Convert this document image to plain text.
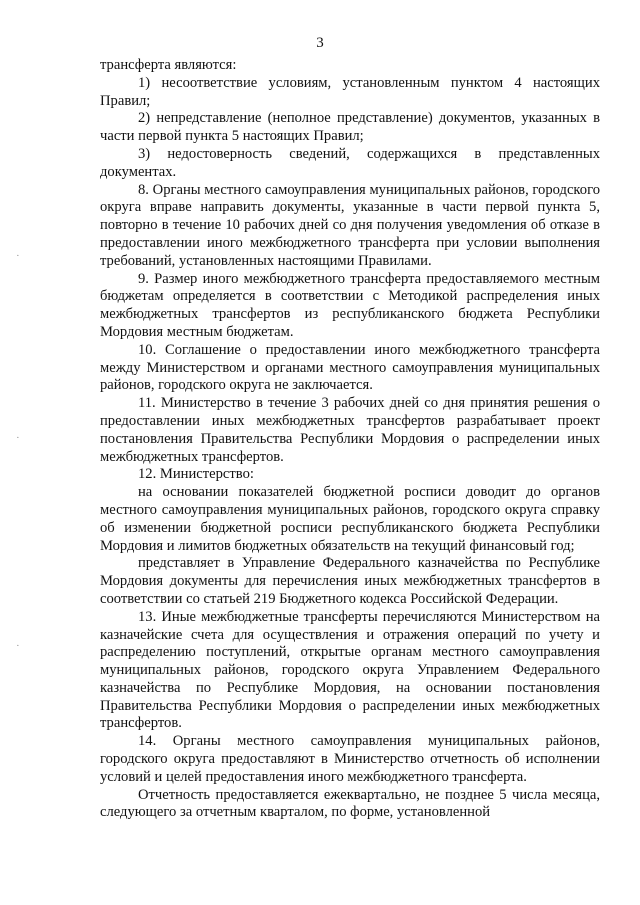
3
·
·
·

трансферта являются:

1) несоответствие условиям, установленным пунктом 4 настоящих Правил;

2) непредставление (неполное представление) документов, указанных в части первой пункта 5 настоящих Правил;

3) недостоверность сведений, содержащихся в представленных документах.

8. Органы местного самоуправления муниципальных районов, городского округа вправе направить документы, указанные в части первой пункта 5, повторно в течение 10 рабочих дней со дня получения уведомления об отказе в предоставлении иного межбюджетного трансферта при условии выполнения требований, установленных настоящими Правилами.

9. Размер иного межбюджетного трансферта предоставляемого местным бюджетам определяется в соответствии с Методикой распределения иных межбюджетных трансфертов из республиканского бюджета Республики Мордовия местным бюджетам.

10. Соглашение о предоставлении иного межбюджетного трансферта между Министерством и органами местного самоуправления муниципальных районов, городского округа не заключается.

11. Министерство в течение 3 рабочих дней со дня принятия решения о предоставлении иных межбюджетных трансфертов разрабатывает проект постановления Правительства Республики Мордовия о распределении иных межбюджетных трансфертов.

12. Министерство:

на основании показателей бюджетной росписи доводит до органов местного самоуправления муниципальных районов, городского округа справку об изменении бюджетной росписи республиканского бюджета Республики Мордовия и лимитов бюджетных обязательств на текущий финансовый год;

представляет в Управление Федерального казначейства по Республике Мордовия документы для перечисления иных межбюджетных трансфертов в соответствии со статьей 219 Бюджетного кодекса Российской Федерации.

13. Иные межбюджетные трансферты перечисляются Министерством на казначейские счета для осуществления и отражения операций по учету и распределению поступлений, открытые органам местного самоуправления муниципальных районов, городского округа Управлением Федерального казначейства по Республике Мордовия, на основании постановления Правительства Республики Мордовия о распределении иных межбюджетных трансфертов.

14. Органы местного самоуправления муниципальных районов, городского округа предоставляют в Министерство отчетность об исполнении условий и целей предоставления иного межбюджетного трансферта.

Отчетность предоставляется ежеквартально, не позднее 5 числа месяца, следующего за отчетным кварталом, по форме, установленной
